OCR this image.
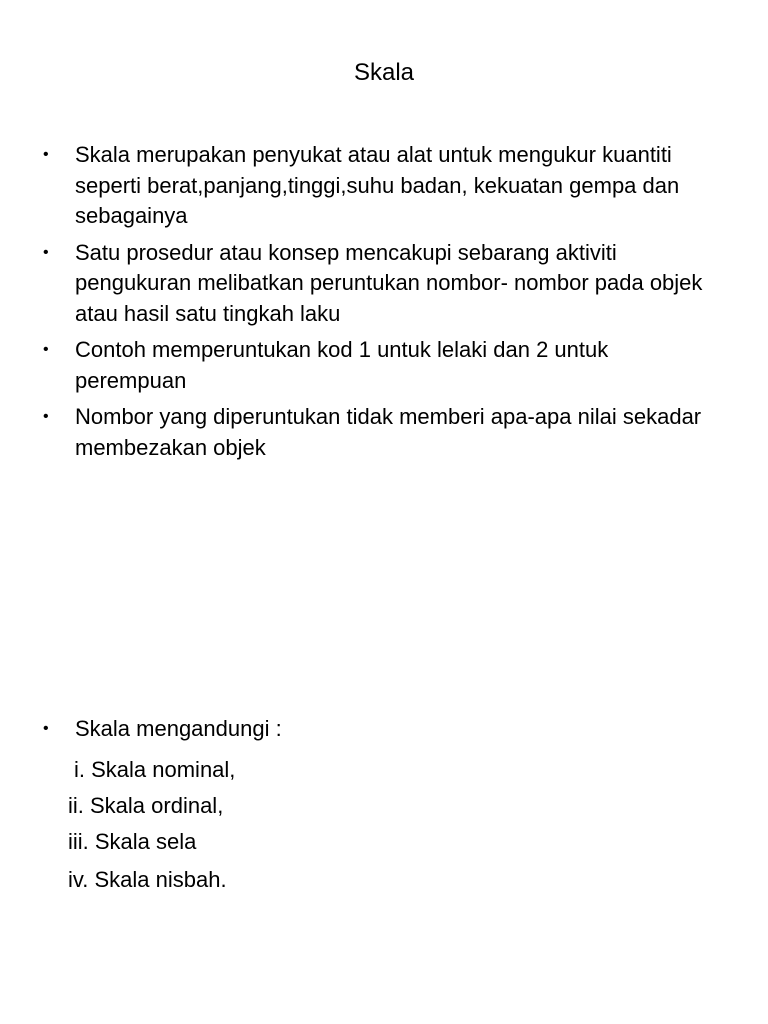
Skala
• Skala merupakan penyukat atau alat untuk mengukur kuantiti seperti berat,panjang,tinggi,suhu badan, kekuatan gempa dan sebagainya
• Satu prosedur atau konsep mencakupi sebarang aktiviti pengukuran melibatkan peruntukan nombor- nombor pada objek atau hasil satu tingkah laku
• Contoh memperuntukan kod 1 untuk lelaki dan 2 untuk perempuan
• Nombor yang diperuntukan tidak memberi apa-apa nilai sekadar membezakan objek
• Skala mengandungi :
i. Skala nominal,
ii. Skala ordinal,
iii. Skala sela
iv. Skala nisbah.
